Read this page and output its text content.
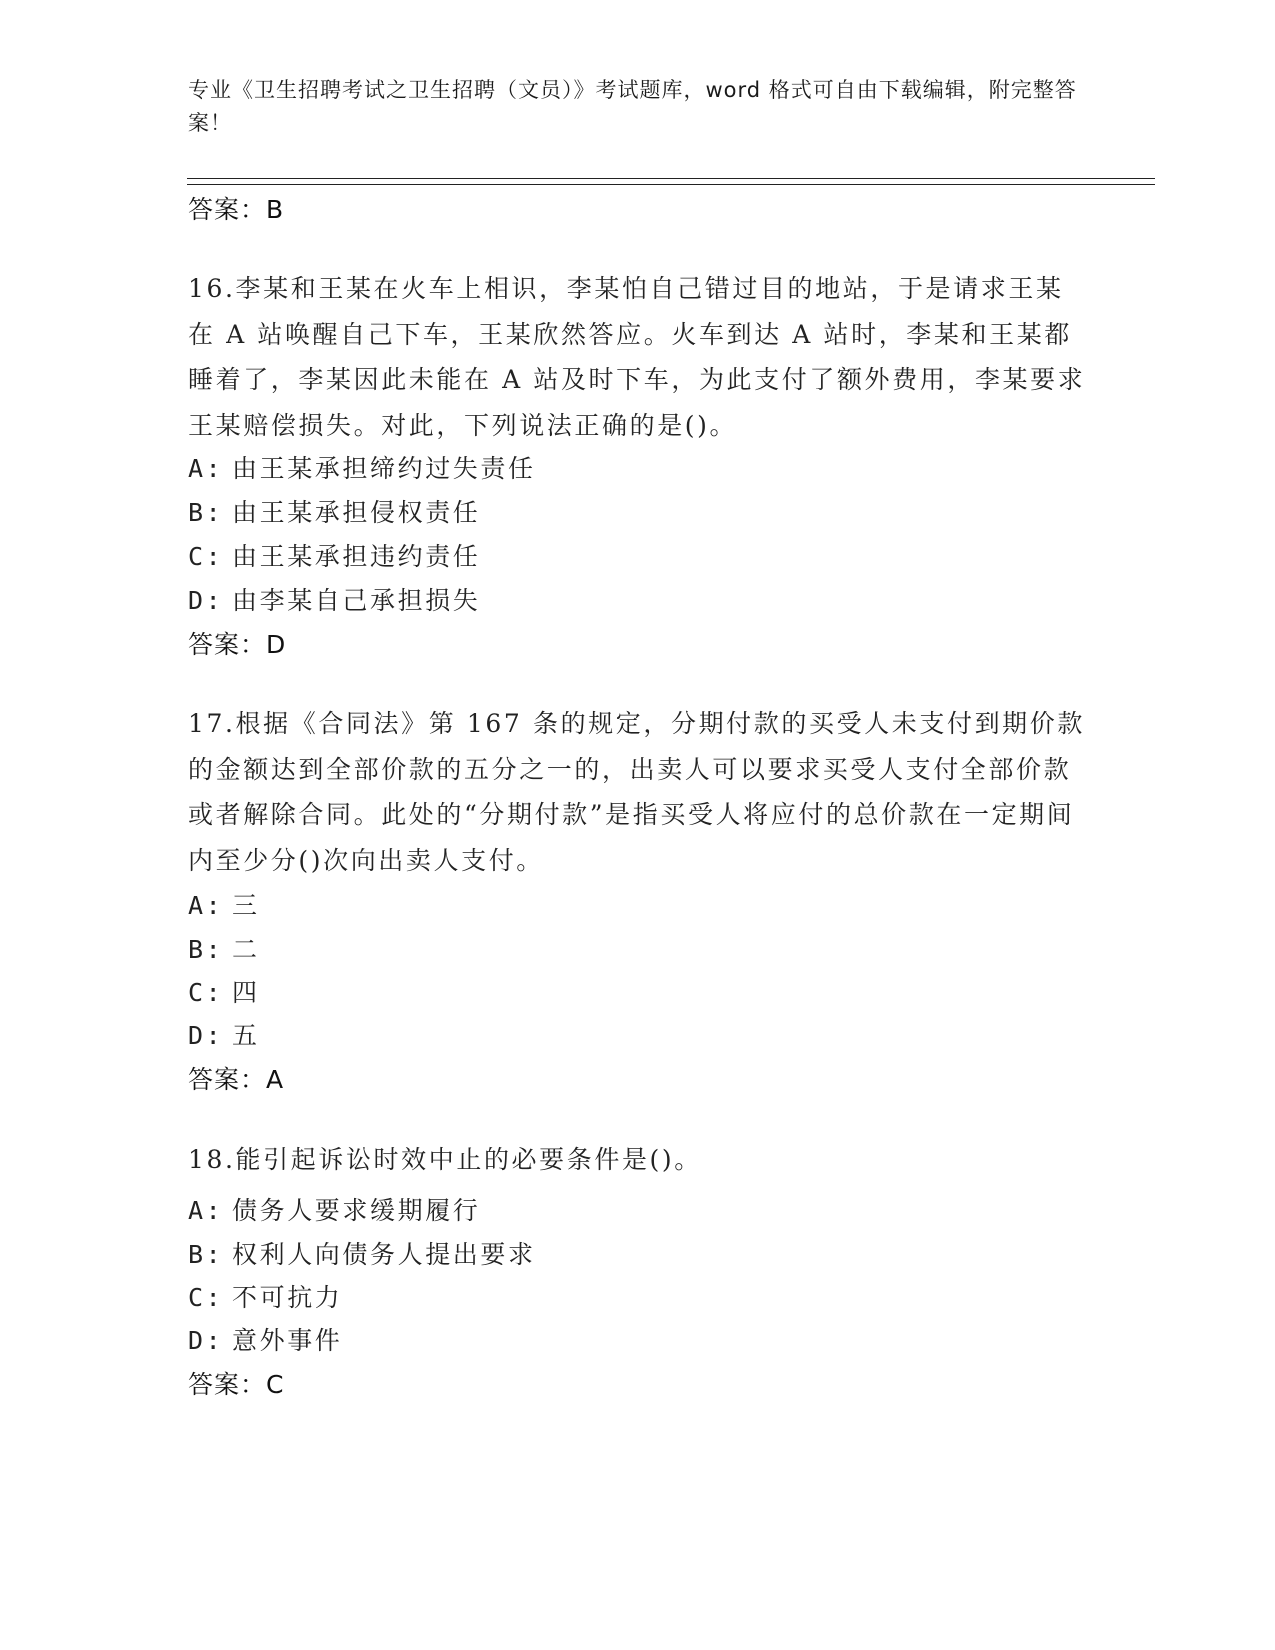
专业《卫生招聘考试之卫生招聘（文员）》考试题库，word 格式可自由下载编辑，附完整答案！
答案：B
16.李某和王某在火车上相识，李某怕自己错过目的地站，于是请求王某在 A 站唤醒自己下车，王某欣然答应。火车到达 A 站时，李某和王某都睡着了，李某因此未能在 A 站及时下车，为此支付了额外费用，李某要求王某赔偿损失。对此，下列说法正确的是()。
A: 由王某承担缔约过失责任
B: 由王某承担侵权责任
C: 由王某承担违约责任
D: 由李某自己承担损失
答案：D
17.根据《合同法》第 167 条的规定，分期付款的买受人未支付到期价款的金额达到全部价款的五分之一的，出卖人可以要求买受人支付全部价款或者解除合同。此处的“分期付款”是指买受人将应付的总价款在一定期间内至少分()次向出卖人支付。
A: 三
B: 二
C: 四
D: 五
答案：A
18.能引起诉讼时效中止的必要条件是()。
A: 债务人要求缓期履行
B: 权利人向债务人提出要求
C: 不可抗力
D: 意外事件
答案：C
